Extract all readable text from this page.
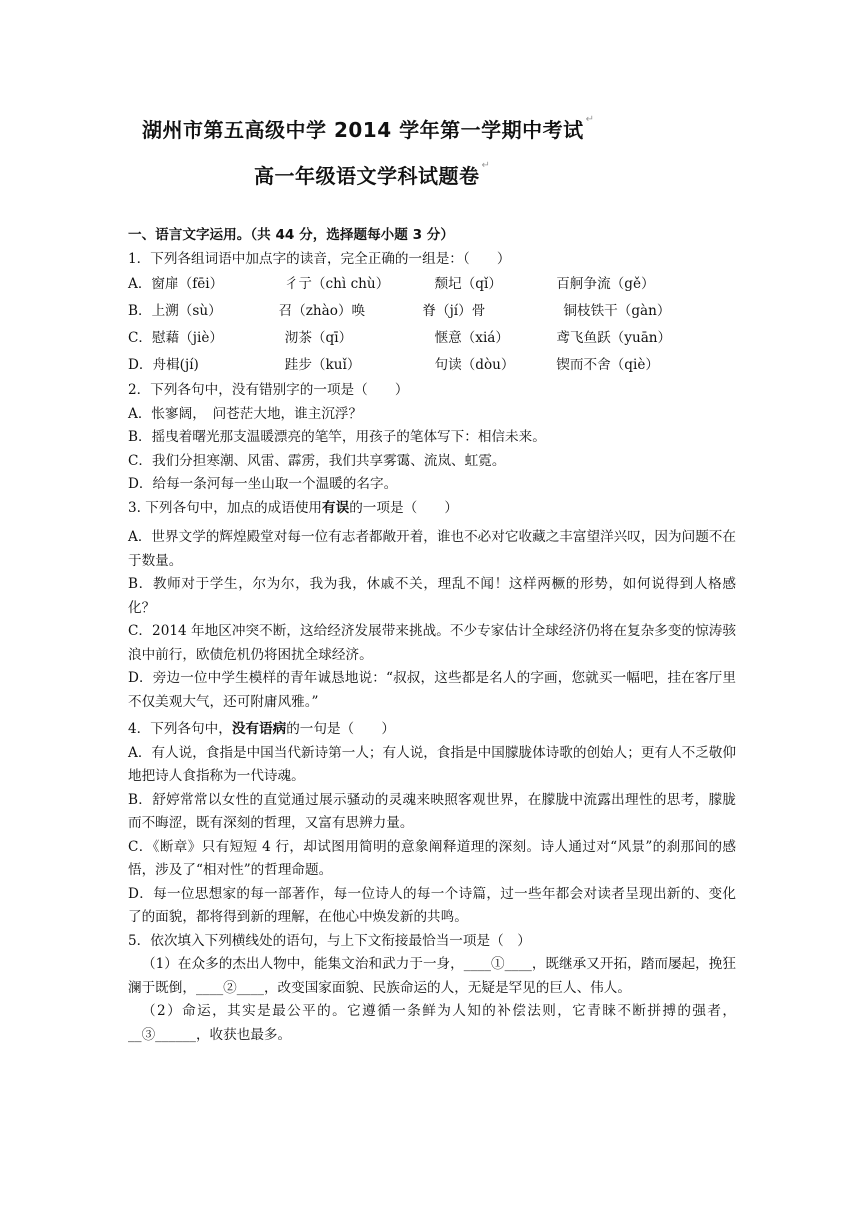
湖州市第五高级中学 2014 学年第一学期中考试 ↵
高一年级语文学科试题卷 ↵
一、语言文字运用。（共 44 分，选择题每小题 3 分）
1．下列各组词语中加点字的读音，完全正确的一组是：（　　）
A．窗扉（fēi）	彳亍（chì chù）	颓圮（qǐ）	百舸争流（gě）
B．上溯（sù）	召（zhào）唤	脊（jí）骨	铜枝铁干（gàn）
C．慰藉（jiè）	沏茶（qī）	惬意（xiá）	鸢飞鱼跃（yuān）
D．舟楫(jí)	跬步（kuǐ）	句读（dòu）	锲而不舍（qiè）
2．下列各句中，没有错别字的一项是（　　）
A．怅寥阔，　问苍茫大地，谁主沉浮？
B．摇曳着曙光那支温暖漂亮的笔竿，用孩子的笔体写下：相信未来。
C．我们分担寒潮、风雷、霹雳，我们共享雾霭、流岚、虹霓。
D．给每一条河每一坐山取一个温暖的名字。
3. 下列各句中，加点的成语使用有误的一项是（　　）
A．世界文学的辉煌殿堂对每一位有志者都敞开着，谁也不必对它收藏之丰富望洋兴叹，因为问题不在于数量。
B．教师对于学生，尔为尔，我为我，休戚不关，理乱不闻！这样两橛的形势，如何说得到人格感化？
C．2014 年地区冲突不断，这给经济发展带来挑战。不少专家估计全球经济仍将在复杂多变的惊涛骇浪中前行，欧债危机仍将困扰全球经济。
D．旁边一位中学生模样的青年诚恳地说：“叔叔，这些都是名人的字画，您就买一幅吧，挂在客厅里不仅美观大气，还可附庸风雅。”
4．下列各句中，没有语病的一句是（　　）
A．有人说，食指是中国当代新诗第一人；有人说，食指是中国朦胧体诗歌的创始人；更有人不乏敬仰地把诗人食指称为一代诗魂。
B．舒婷常常以女性的直觉通过展示骚动的灵魂来映照客观世界，在朦胧中流露出理性的思考，朦胧而不晦涩，既有深刻的哲理，又富有思辨力量。
C．《断章》只有短短 4 行，却试图用简明的意象阐释道理的深刻。诗人通过对“风景”的刹那间的感悟，涉及了“相对性”的哲理命题。
D．每一位思想家的每一部著作，每一位诗人的每一个诗篇，过一些年都会对读者呈现出新的、变化了的面貌，都将得到新的理解，在他心中焕发新的共鸣。
5．依次填入下列横线处的语句，与上下文衔接最恰当一项是（　）
（1）在众多的杰出人物中，能集文治和武力于一身，____①____，既继承又开拓，踏而屡起，挽狂澜于既倒，____②____，改变国家面貌、民族命运的人，无疑是罕见的巨人、伟人。
（2）命运，其实是最公平的。它遵循一条鲜为人知的补偿法则，它青睐不断拼搏的强者，__③______，收获也最多。
